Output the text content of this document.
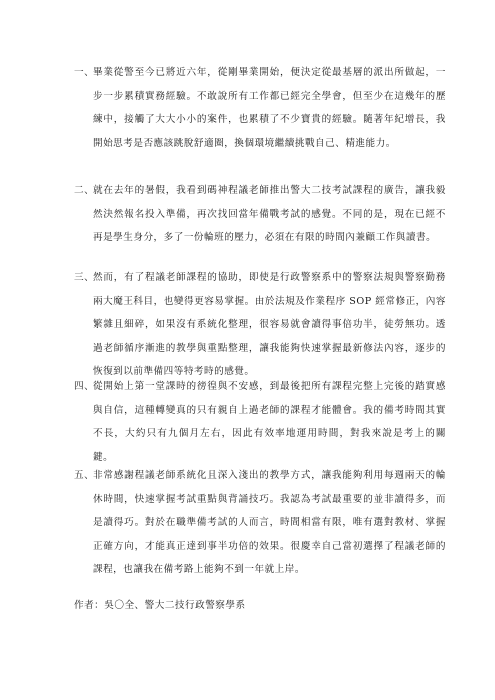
一、
畢業從警至今已將近六年，從剛畢業開始，便決定從最基層的派出所做起，一步一步累積實務經驗。不敢說所有工作都已經完全學會，但至少在這幾年的歷練中，接觸了大大小小的案件，也累積了不少寶貴的經驗。隨著年紀增長，我開始思考是否應該跳脫舒適圈，換個環境繼續挑戰自己、精進能力。
二、
就在去年的暑假，我看到碼神程議老師推出警大二技考試課程的廣告，讓我毅然決然報名投入準備，再次找回當年備戰考試的感覺。不同的是，現在已經不再是學生身分，多了一份輪班的壓力，必須在有限的時間內兼顧工作與讀書。
三、
然而，有了程議老師課程的協助，即使是行政警察系中的警察法規與警察勤務兩大魔王科目，也變得更容易掌握。由於法規及作業程序 SOP 經常修正，內容繁雜且細碎，如果沒有系統化整理，很容易就會讀得事倍功半，徒勞無功。透過老師循序漸進的教學與重點整理，讓我能夠快速掌握最新修法內容，逐步的恢復到以前準備四等特考時的感覺。
四、
從開始上第一堂課時的徬徨與不安感，到最後把所有課程完整上完後的踏實感與自信，這種轉變真的只有親自上過老師的課程才能體會。我的備考時間其實不長，大約只有九個月左右，因此有效率地運用時間，對我來說是考上的關鍵。
五、
非常感謝程議老師系統化且深入淺出的教學方式，讓我能夠利用每週兩天的輪休時間，快速掌握考試重點與背誦技巧。我認為考試最重要的並非讀得多，而是讀得巧。對於在職準備考試的人而言，時間相當有限，唯有選對教材、掌握正確方向，才能真正達到事半功倍的效果。很慶幸自己當初選擇了程議老師的課程，也讓我在備考路上能夠不到一年就上岸。
作者：吳〇全、警大二技行政警察學系
